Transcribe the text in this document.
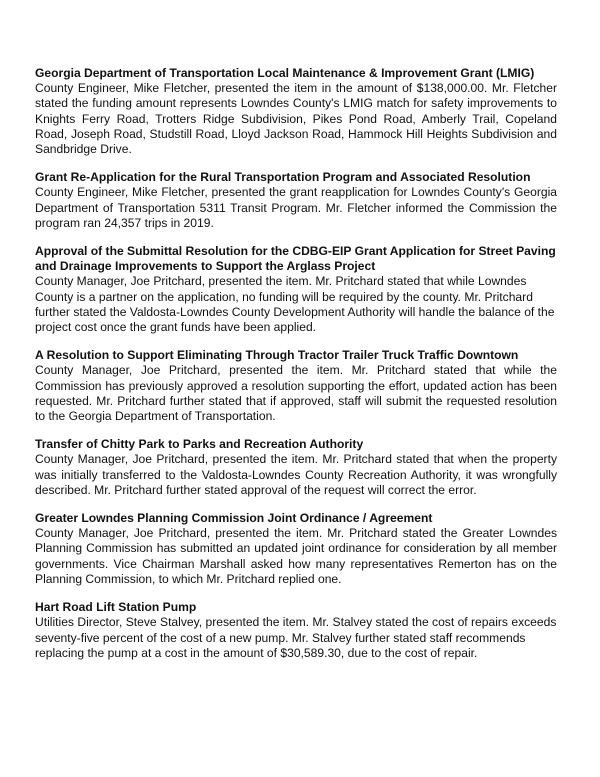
Georgia Department of Transportation Local Maintenance & Improvement Grant (LMIG)

County Engineer, Mike Fletcher, presented the item in the amount of $138,000.00. Mr. Fletcher stated the funding amount represents Lowndes County's LMIG match for safety improvements to Knights Ferry Road, Trotters Ridge Subdivision, Pikes Pond Road, Amberly Trail, Copeland Road, Joseph Road, Studstill Road, Lloyd Jackson Road, Hammock Hill Heights Subdivision and Sandbridge Drive.

Grant Re-Application for the Rural Transportation Program and Associated Resolution

County Engineer, Mike Fletcher, presented the grant reapplication for Lowndes County's Georgia Department of Transportation 5311 Transit Program. Mr. Fletcher informed the Commission the program ran 24,357 trips in 2019.

Approval of the Submittal Resolution for the CDBG-EIP Grant Application for Street Paving and Drainage Improvements to Support the Arglass Project

County Manager, Joe Pritchard, presented the item. Mr. Pritchard stated that while Lowndes County is a partner on the application, no funding will be required by the county. Mr. Pritchard further stated the Valdosta-Lowndes County Development Authority will handle the balance of the project cost once the grant funds have been applied.

A Resolution to Support Eliminating Through Tractor Trailer Truck Traffic Downtown

County Manager, Joe Pritchard, presented the item. Mr. Pritchard stated that while the Commission has previously approved a resolution supporting the effort, updated action has been requested. Mr. Pritchard further stated that if approved, staff will submit the requested resolution to the Georgia Department of Transportation.

Transfer of Chitty Park to Parks and Recreation Authority

County Manager, Joe Pritchard, presented the item. Mr. Pritchard stated that when the property was initially transferred to the Valdosta-Lowndes County Recreation Authority, it was wrongfully described. Mr. Pritchard further stated approval of the request will correct the error.

Greater Lowndes Planning Commission Joint Ordinance / Agreement

County Manager, Joe Pritchard, presented the item. Mr. Pritchard stated the Greater Lowndes Planning Commission has submitted an updated joint ordinance for consideration by all member governments. Vice Chairman Marshall asked how many representatives Remerton has on the Planning Commission, to which Mr. Pritchard replied one.

Hart Road Lift Station Pump

Utilities Director, Steve Stalvey, presented the item. Mr. Stalvey stated the cost of repairs exceeds seventy-five percent of the cost of a new pump. Mr. Stalvey further stated staff recommends replacing the pump at a cost in the amount of $30,589.30, due to the cost of repair.
